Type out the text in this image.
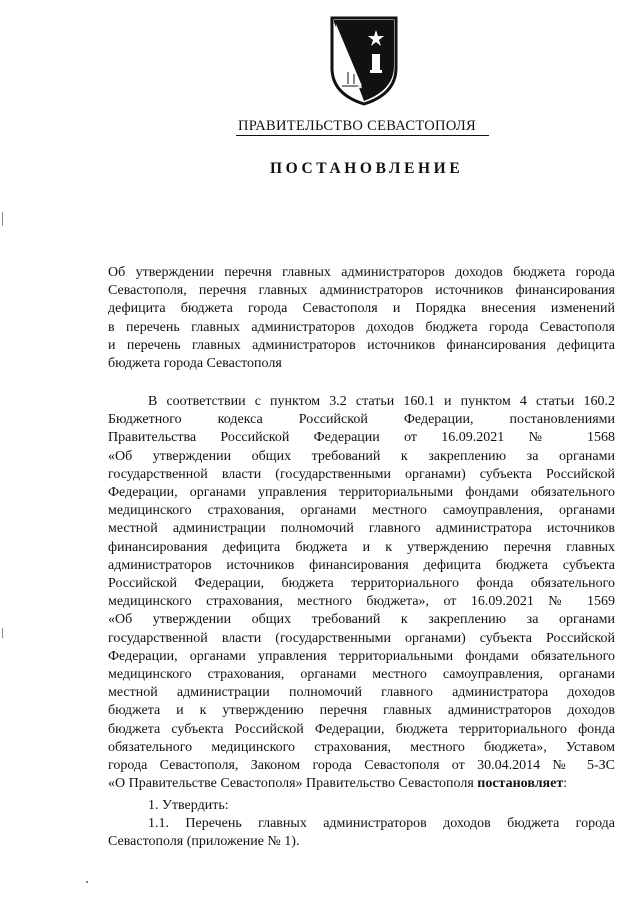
ПРАВИТЕЛЬСТВО СЕВАСТОПОЛЯ
ПОСТАНОВЛЕНИЕ
Об утверждении перечня главных администраторов доходов бюджета города
Севастополя, перечня главных администраторов источников финансирования
дефицита бюджета города Севастополя и Порядка внесения изменений
в перечень главных администраторов доходов бюджета города Севастополя
и перечень главных администраторов источников финансирования дефицита
бюджета города Севастополя
В соответствии с пунктом 3.2 статьи 160.1 и пунктом 4 статьи 160.2
Бюджетного кодекса Российской Федерации, постановлениями
Правительства Российской Федерации от 16.09.2021 № 1568
«Об утверждении общих требований к закреплению за органами
государственной власти (государственными органами) субъекта Российской
Федерации, органами управления территориальными фондами обязательного
медицинского страхования, органами местного самоуправления, органами
местной администрации полномочий главного администратора источников
финансирования дефицита бюджета и к утверждению перечня главных
администраторов источников финансирования дефицита бюджета субъекта
Российской Федерации, бюджета территориального фонда обязательного
медицинского страхования, местного бюджета», от 16.09.2021 № 1569
«Об утверждении общих требований к закреплению за органами
государственной власти (государственными органами) субъекта Российской
Федерации, органами управления территориальными фондами обязательного
медицинского страхования, органами местного самоуправления, органами
местной администрации полномочий главного администратора доходов
бюджета и к утверждению перечня главных администраторов доходов
бюджета субъекта Российской Федерации, бюджета территориального фонда
обязательного медицинского страхования, местного бюджета», Уставом
города Севастополя, Законом города Севастополя от 30.04.2014 № 5-ЗС
«О Правительстве Севастополя» Правительство Севастополя постановляет:
1. Утвердить:
1.1. Перечень главных администраторов доходов бюджета города
Севастополя (приложение № 1).
